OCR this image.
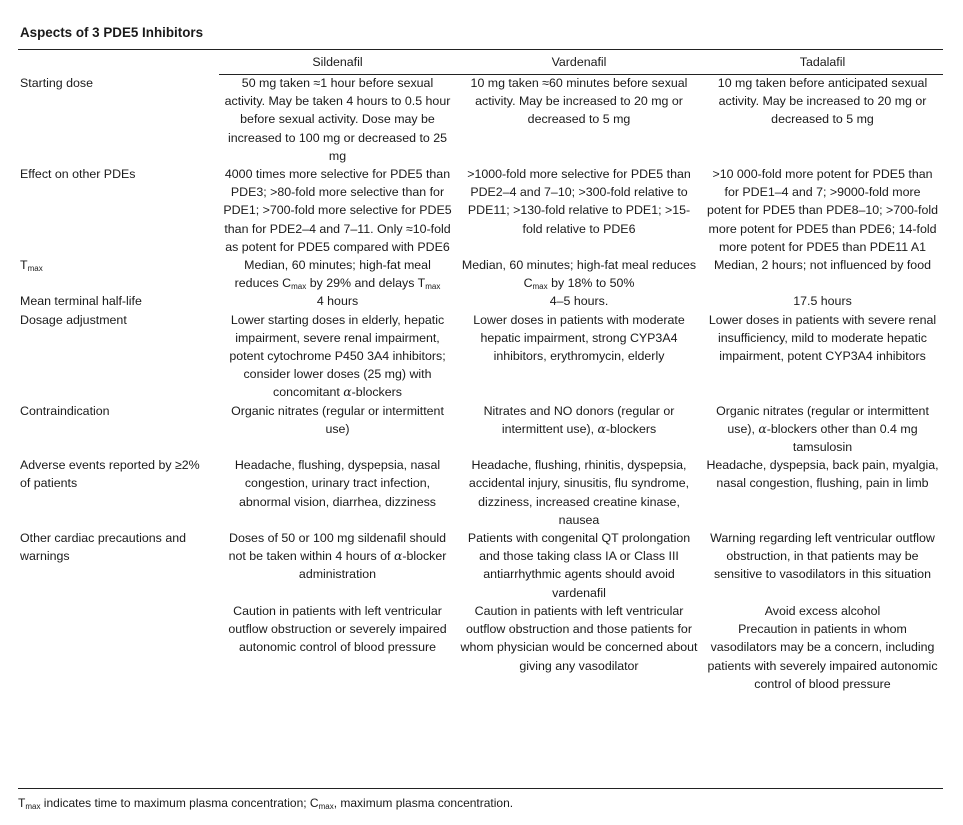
Aspects of 3 PDE5 Inhibitors
	Sildenafil	Vardenafil	Tadalafil
Starting dose	50 mg taken ≈1 hour before sexual activity. May be taken 4 hours to 0.5 hour before sexual activity. Dose may be increased to 100 mg or decreased to 25 mg	10 mg taken ≈60 minutes before sexual activity. May be increased to 20 mg or decreased to 5 mg	10 mg taken before anticipated sexual activity. May be increased to 20 mg or decreased to 5 mg
Effect on other PDEs	4000 times more selective for PDE5 than PDE3; >80-fold more selective than for PDE1; >700-fold more selective for PDE5 than for PDE2–4 and 7–11. Only ≈10-fold as potent for PDE5 compared with PDE6	>1000-fold more selective for PDE5 than PDE2–4 and 7–10; >300-fold relative to PDE11; >130-fold relative to PDE1; >15-fold relative to PDE6	>10 000-fold more potent for PDE5 than for PDE1–4 and 7; >9000-fold more potent for PDE5 than PDE8–10; >700-fold more potent for PDE5 than PDE6; 14-fold more potent for PDE5 than PDE11 A1
$T_{max}$	Median, 60 minutes; high-fat meal reduces $C_{max}$ by 29% and delays $T_{max}$	Median, 60 minutes; high-fat meal reduces $C_{max}$ by 18% to 50%	Median, 2 hours; not influenced by food
Mean terminal half-life	4 hours	4–5 hours.	17.5 hours
Dosage adjustment	Lower starting doses in elderly, hepatic impairment, severe renal impairment, potent cytochrome P450 3A4 inhibitors; consider lower doses (25 mg) with concomitant α-blockers	Lower doses in patients with moderate hepatic impairment, strong CYP3A4 inhibitors, erythromycin, elderly	Lower doses in patients with severe renal insufficiency, mild to moderate hepatic impairment, potent CYP3A4 inhibitors
Contraindication	Organic nitrates (regular or intermittent use)	Nitrates and NO donors (regular or intermittent use), α-blockers	Organic nitrates (regular or intermittent use), α-blockers other than 0.4 mg tamsulosin
Adverse events reported by ≥2% of patients	Headache, flushing, dyspepsia, nasal congestion, urinary tract infection, abnormal vision, diarrhea, dizziness	Headache, flushing, rhinitis, dyspepsia, accidental injury, sinusitis, flu syndrome, dizziness, increased creatine kinase, nausea	Headache, dyspepsia, back pain, myalgia, nasal congestion, flushing, pain in limb
Other cardiac precautions and warnings	Doses of 50 or 100 mg sildenafil should not be taken within 4 hours of α-blocker administration	Patients with congenital QT prolongation and those taking class IA or Class III antiarrhythmic agents should avoid vardenafil	Warning regarding left ventricular outflow obstruction, in that patients may be sensitive to vasodilators in this situation
	Caution in patients with left ventricular outflow obstruction or severely impaired autonomic control of blood pressure	Caution in patients with left ventricular outflow obstruction and those patients for whom physician would be concerned about giving any vasodilator	Avoid excess alcohol
Precaution in patients in whom vasodilators may be a concern, including patients with severely impaired autonomic control of blood pressure
$T_{max}$ indicates time to maximum plasma concentration; $C_{max}$, maximum plasma concentration.
